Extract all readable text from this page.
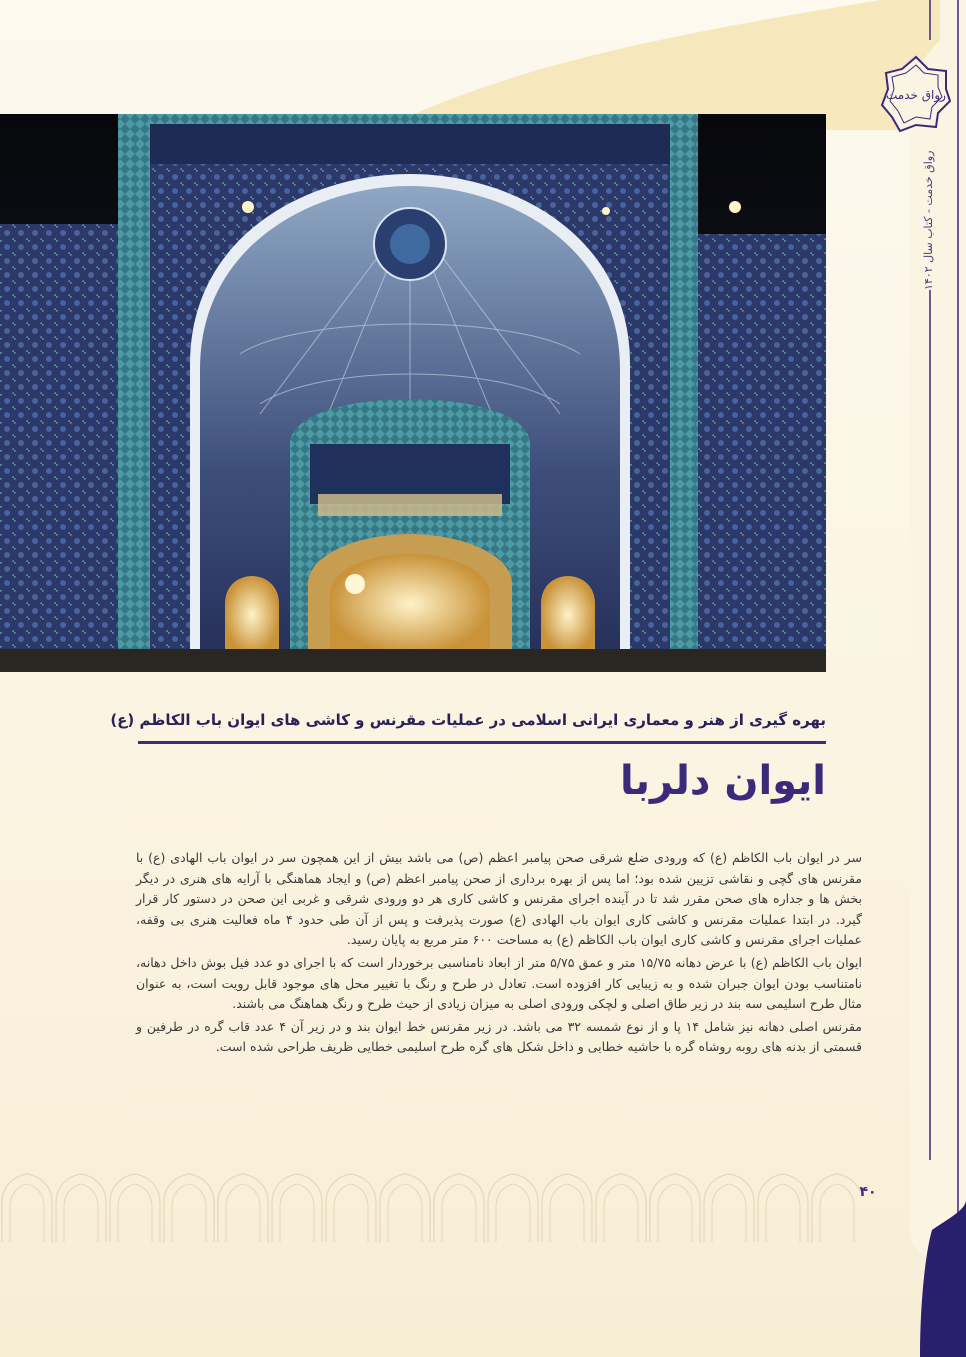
رواق خدمت
رواق خدمت - کتاب سال ۱۴۰۲
بهره گیری از هنر و معماری ایرانی اسلامی در عملیات مقرنس و کاشی های ایوان باب الکاظم (ع)
ایوان دلربا

سر در ایوان باب الکاظم (ع) که ورودی ضلع شرقی صحن پیامبر اعظم (ص) می باشد بیش از این همچون سر در ایوان باب الهادی (ع) با مقرنس های گچی و نقاشی تزیین شده بود؛ اما پس از بهره برداری از صحن پیامبر اعظم (ص) و ایجاد هماهنگی با آرایه های هنری در دیگر بخش ها و جداره های صحن مقرر شد تا در آینده اجرای مقرنس و کاشی کاری هر دو ورودی شرقی و غربی این صحن در دستور کار قرار گیرد. در ابتدا عملیات مقرنس و کاشی کاری ایوان باب الهادی (ع) صورت پذیرفت و پس از آن طی حدود ۴ ماه فعالیت هنری بی وقفه، عملیات اجرای مقرنس و کاشی کاری ایوان باب الکاظم (ع) به مساحت ۶۰۰ متر مربع به پایان رسید.

ایوان باب الکاظم (ع) با عرض دهانه ۱۵/۷۵ متر و عمق ۵/۷۵ متر از ابعاد نامناسبی برخوردار است که با اجرای دو عدد فیل بوش داخل دهانه، نامتناسب بودن ایوان جبران شده و به زیبایی کار افزوده است. تعادل در طرح و رنگ با تغییر محل های موجود قابل رویت است، به عنوان مثال طرح اسلیمی سه بند در زیر طاق اصلی و لچکی ورودی اصلی به میزان زیادی از حیث طرح و رنگ هماهنگ می باشند.

مقرنس اصلی دهانه نیز شامل ۱۴ پا و از نوع شمسه ۳۲ می باشد. در زیر مقرنس خط ایوان بند و در زیر آن ۴ عدد قاب گره در طرفین و قسمتی از بدنه های روبه روشاه گره با حاشیه خطایی و داخل شکل های گره طرح اسلیمی خطایی ظریف طراحی شده است.

۴۰
